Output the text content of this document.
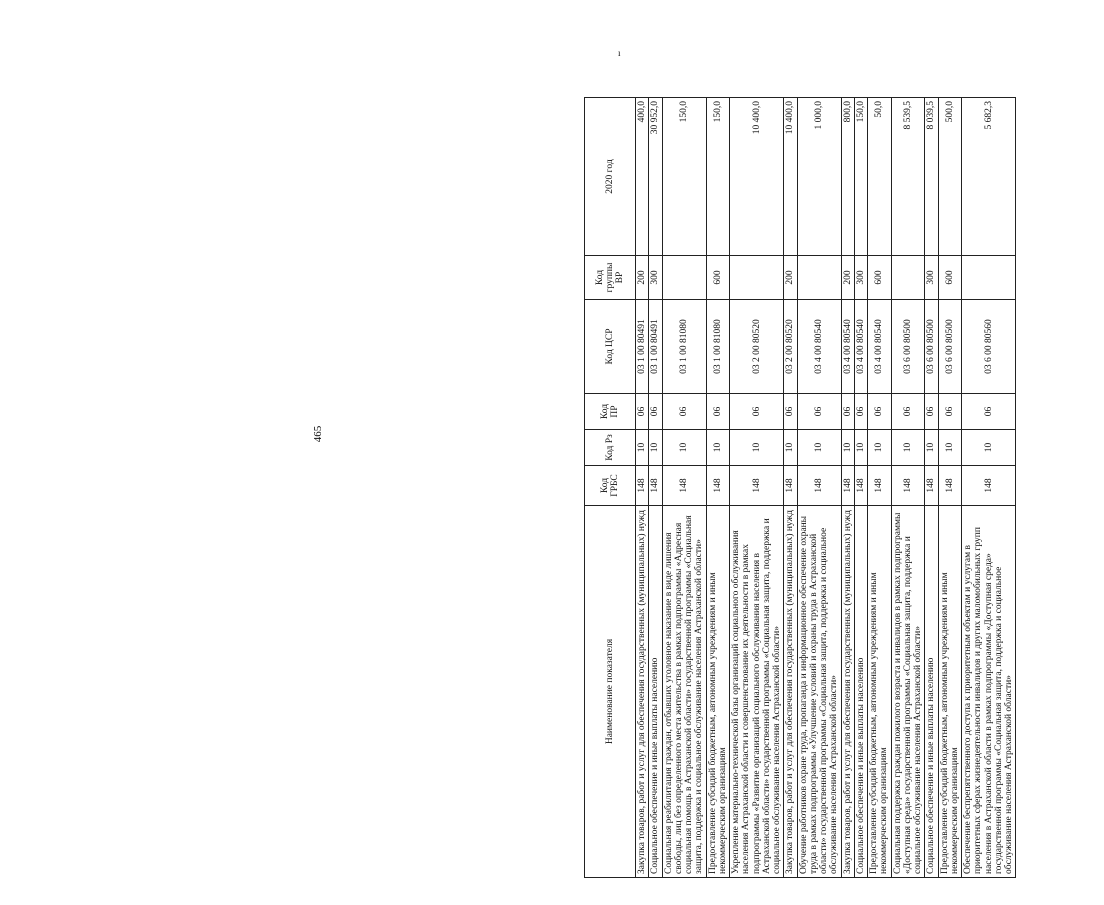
465
ı
Наименование показателя	Код ГРБС	Код Рз	Код ПР	Код ЦСР	Код группы ВР	2020 год
Закупка товаров, работ и услуг для обеспечения государственных (муниципальных) нужд	148	10	06	03 1 00 80491	200	400,0
Социальное обеспечение и иные выплаты населению	148	10	06	03 1 00 80491	300	30 952,0
Социальная реабилитация граждан, отбывших уголовное наказание в виде лишения свободы, лиц без определенного места жительства в рамках подпрограммы «Адресная социальная помощь в Астраханской области» государственной программы «Социальная защита, поддержка и социальное обслуживание населения Астраханской области»	148	10	06	03 1 00 81080		150,0
Предоставление субсидий бюджетным, автономным учреждениям и иным некоммерческим организациям	148	10	06	03 1 00 81080	600	150,0
Укрепление материально-технической базы организаций социального обслуживания населения Астраханской области и совершенствование их деятельности в рамках подпрограммы «Развитие организаций социального обслуживания населения в Астраханской области» государственной программы «Социальная защита, поддержка и социальное обслуживание населения Астраханской области»	148	10	06	03 2 00 80520		10 400,0
Закупка товаров, работ и услуг для обеспечения государственных (муниципальных) нужд	148	10	06	03 2 00 80520	200	10 400,0
Обучение работников охране труда, пропаганда и информационное обеспечение охраны труда в рамках подпрограммы «Улучшение условий и охраны труда в Астраханской области» государственной программы «Социальная защита, поддержка и социальное обслуживание населения Астраханской области»	148	10	06	03 4 00 80540		1 000,0
Закупка товаров, работ и услуг для обеспечения государственных (муниципальных) нужд	148	10	06	03 4 00 80540	200	800,0
Социальное обеспечение и иные выплаты населению	148	10	06	03 4 00 80540	300	150,0
Предоставление субсидий бюджетным, автономным учреждениям и иным некоммерческим организациям	148	10	06	03 4 00 80540	600	50,0
Социальная поддержка граждан пожилого возраста и инвалидов в рамках подпрограммы «Доступная среда» государственной программы «Социальная защита, поддержка и социальное обслуживание населения Астраханской области»	148	10	06	03 6 00 80500		8 539,5
Социальное обеспечение и иные выплаты населению	148	10	06	03 6 00 80500	300	8 039,5
Предоставление субсидий бюджетным, автономным учреждениям и иным некоммерческим организациям	148	10	06	03 6 00 80500	600	500,0
Обеспечение беспрепятственного доступа к приоритетным объектам и услугам в приоритетных сферах жизнедеятельности инвалидов и других маломобильных групп населения в Астраханской области в рамках подпрограммы «Доступная среда» государственной программы «Социальная защита, поддержка и социальное обслуживание населения Астраханской области»	148	10	06	03 6 00 80560		5 682,3
